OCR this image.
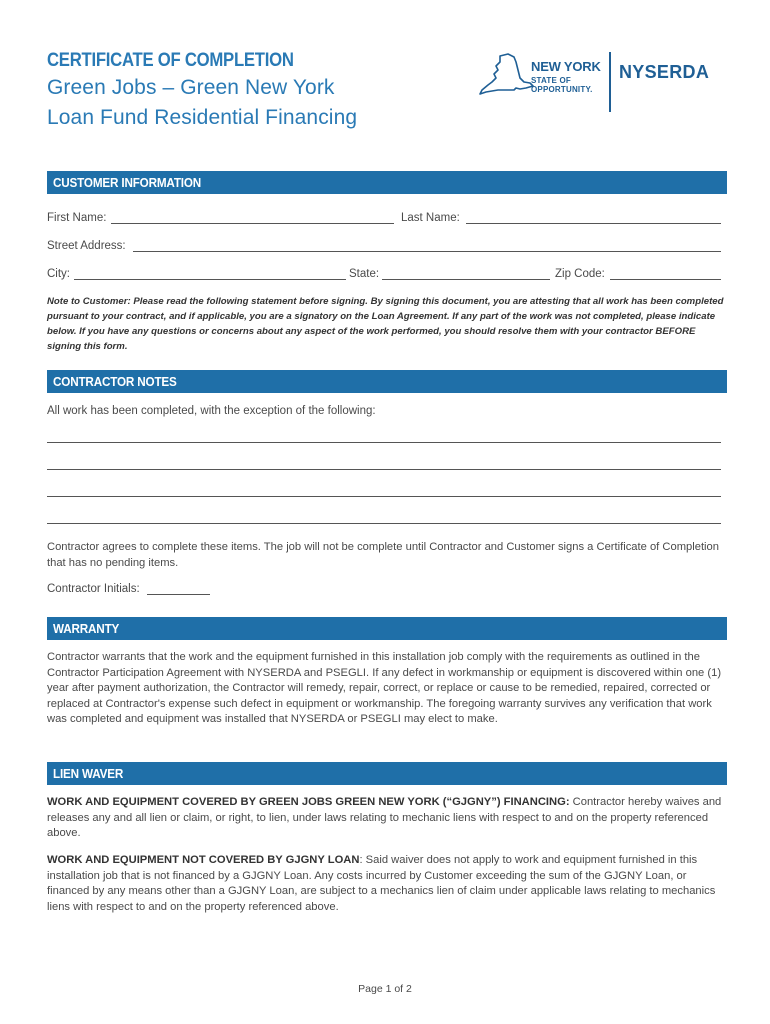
CERTIFICATE OF COMPLETION
Green Jobs – Green New York
Loan Fund Residential Financing
NEW YORK
STATE OF
OPPORTUNITY.
NYSERDA
CUSTOMER INFORMATION
First Name:	Last Name:
Street Address:
City:	State:	Zip Code:
Note to Customer: Please read the following statement before signing. By signing this document, you are attesting that all work has been completed pursuant to your contract, and if applicable, you are a signatory on the Loan Agreement. If any part of the work was not completed, please indicate below. If you have any questions or concerns about any aspect of the work performed, you should resolve them with your contractor BEFORE signing this form.
CONTRACTOR NOTES
All work has been completed, with the exception of the following:
Contractor agrees to complete these items. The job will not be complete until Contractor and Customer signs a Certificate of Completion that has no pending items.
Contractor Initials:
WARRANTY
Contractor warrants that the work and the equipment furnished in this installation job comply with the requirements as outlined in the Contractor Participation Agreement with NYSERDA and PSEGLI. If any defect in workmanship or equipment is discovered within one (1) year after payment authorization, the Contractor will remedy, repair, correct, or replace or cause to be remedied, repaired, corrected or replaced at Contractor's expense such defect in equipment or workmanship. The foregoing warranty survives any verification that work was completed and equipment was installed that NYSERDA or PSEGLI may elect to make.
LIEN WAVER
WORK AND EQUIPMENT COVERED BY GREEN JOBS GREEN NEW YORK (“GJGNY”) FINANCING: Contractor hereby waives and releases any and all lien or claim, or right, to lien, under laws relating to mechanic liens with respect to and on the property referenced above.
WORK AND EQUIPMENT NOT COVERED BY GJGNY LOAN: Said waiver does not apply to work and equipment furnished in this installation job that is not financed by a GJGNY Loan. Any costs incurred by Customer exceeding the sum of the GJGNY Loan, or financed by any means other than a GJGNY Loan, are subject to a mechanics lien of claim under applicable laws relating to mechanics liens with respect to and on the property referenced above.
Page 1 of 2
